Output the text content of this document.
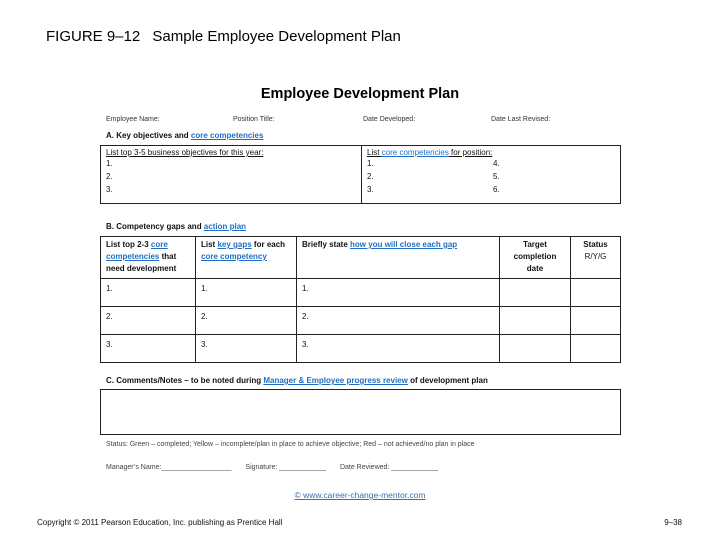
FIGURE 9–12 Sample Employee Development Plan
Employee Development Plan
Employee Name:	Position Title:	Date Developed:	Date Last Revised:
A. Key objectives and core competencies
List top 3-5 business objectives for this year:
1.
2.
3.

List core competencies for position:
1.	4.
2.	5.
3.	6.
B. Competency gaps and action plan
List top 2-3 core competencies that need development	List key gaps for each core competency	Briefly state how you will close each gap	Target completion date	Status
R/Y/G

1.	1.	1.		
2.	2.	2.		
3.	3.	3.		
C. Comments/Notes – to be noted during Manager & Employee progress review of development plan
Status: Green – completed; Yellow – incomplete/plan in place to achieve objective; Red – not achieved/no plan in place
Manager’s Name:__________________ Signature: ____________ Date Reviewed: ____________
© www.career-change-mentor.com
Copyright © 2011 Pearson Education, Inc. publishing as Prentice Hall	9–38
